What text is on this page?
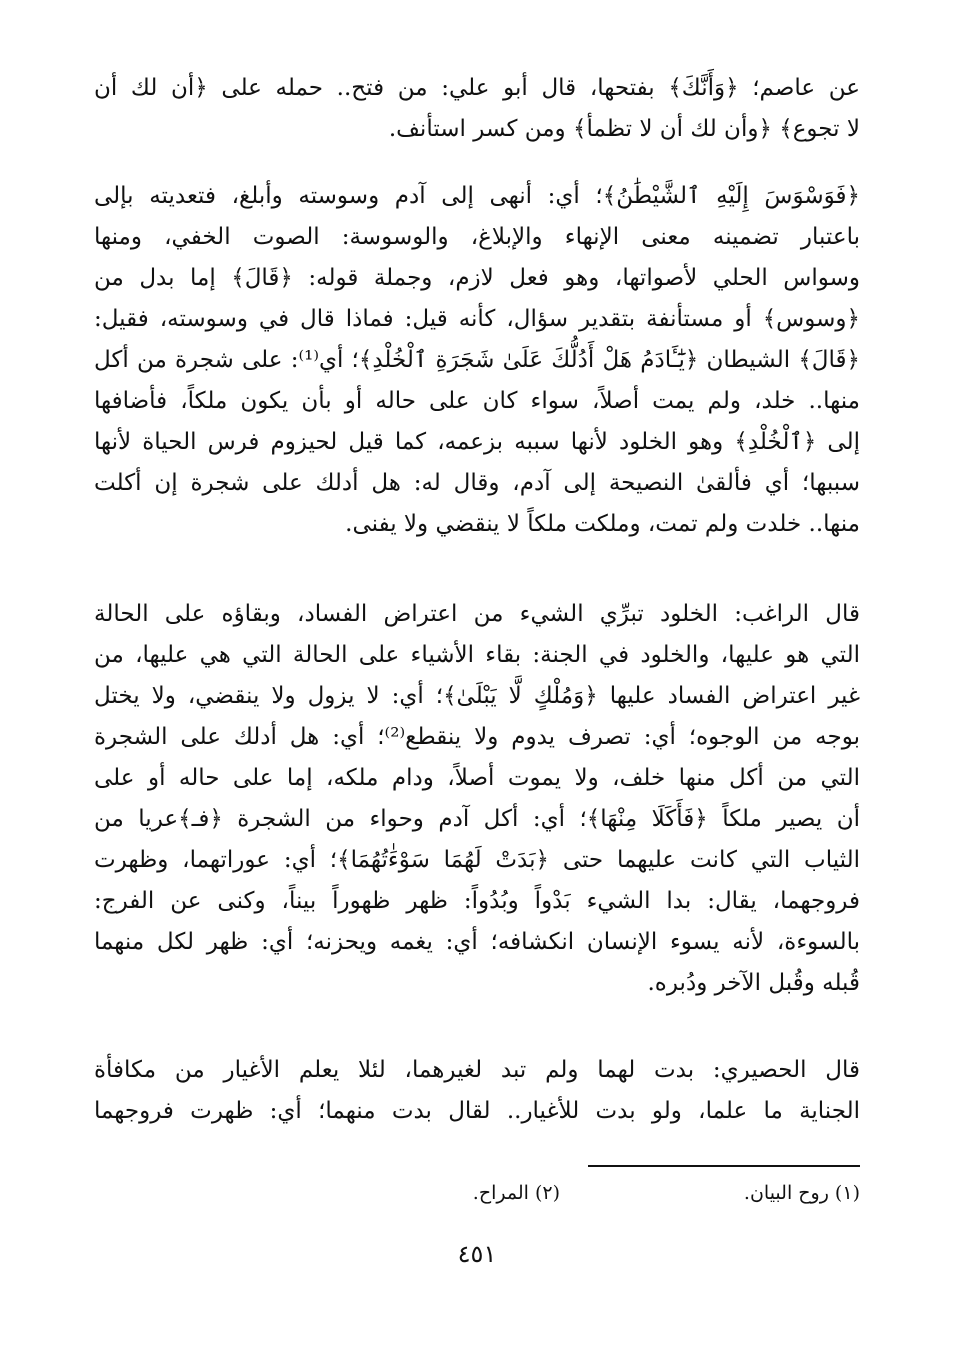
عن عاصم؛ ﴿وَأَنَّكَ﴾ بفتحها، قال أبو علي: من فتح.. حمله على ﴿أن لك أن
لا تجوع﴾ ﴿وأن لك أن لا تظمأ﴾ ومن كسر استأنف.
﴿فَوَسْوَسَ إِلَيْهِ ٱلشَّيْطَٰنُ﴾؛ أي: أنهى إلى آدم وسوسته وأبلغ، فتعديته بإلى
باعتبار تضمينه معنى الإنهاء والإبلاغ، والوسوسة: الصوت الخفي، ومنها
وسواس الحلي لأصواتها، وهو فعل لازم، وجملة قوله: ﴿قَالَ﴾ إما بدل من
﴿وسوس﴾ أو مستأنفة بتقدير سؤال، كأنه قيل: فماذا قال في وسوسته، فقيل:
﴿قَالَ﴾ الشيطان ﴿يَٰٓـَٔادَمُ هَلْ أَدُلُّكَ عَلَىٰ شَجَرَةِ ٱلْخُلْدِ﴾؛ أي⁽¹⁾: على شجرة من أكل
منها.. خلد، ولم يمت أصلاً، سواء كان على حاله أو بأن يكون ملكاً، فأضافها
إلى ﴿ٱلْخُلْدِ﴾ وهو الخلود لأنها سببه بزعمه، كما قيل لحيزوم فرس الحياة لأنها
سببها؛ أي فألقىٰ النصيحة إلى آدم، وقال له: هل أدلك على شجرة إن أكلت
منها.. خلدت ولم تمت، وملكت ملكاً لا ينقضي ولا يفنى.
قال الراغب: الخلود تبرِّي الشيء من اعتراض الفساد، وبقاؤه على الحالة
التي هو عليها، والخلود في الجنة: بقاء الأشياء على الحالة التي هي عليها، من
غير اعتراض الفساد عليها ﴿وَمُلْكٍ لَّا يَبْلَىٰ﴾؛ أي: لا يزول ولا ينقضي، ولا يختل
بوجه من الوجوه؛ أي: تصرف يدوم ولا ينقطع⁽²⁾؛ أي: هل أدلك على الشجرة
التي من أكل منها خلف، ولا يموت أصلاً، ودام ملكه، إما على حاله أو على
أن يصير ملكاً ﴿فَأَكَلَا مِنْهَا﴾؛ أي: أكل آدم وحواء من الشجرة ﴿فـ﴾عريا من
الثياب التي كانت عليهما حتى ﴿بَدَتْ لَهُمَا سَوْءَٰتُهُمَا﴾؛ أي: عوراتهما، وظهرت
فروجهما، يقال: بدا الشيء بَدْواً وبُدُواً: ظهر ظهوراً بيناً، وكنى عن الفرج:
بالسوءة، لأنه يسوء الإنسان انكشافه؛ أي: يغمه ويحزنه؛ أي: ظهر لكل منهما
قُبله وقُبل الآخر ودُبره.
قال الحصيري: بدت لهما ولم تبد لغيرهما، لئلا يعلم الأغيار من مكافأة
الجناية ما علما، ولو بدت للأغيار.. لقال بدت منهما؛ أي: ظهرت فروجهما
(١) روح البيان.
(٢) المراح.
٤٥١
